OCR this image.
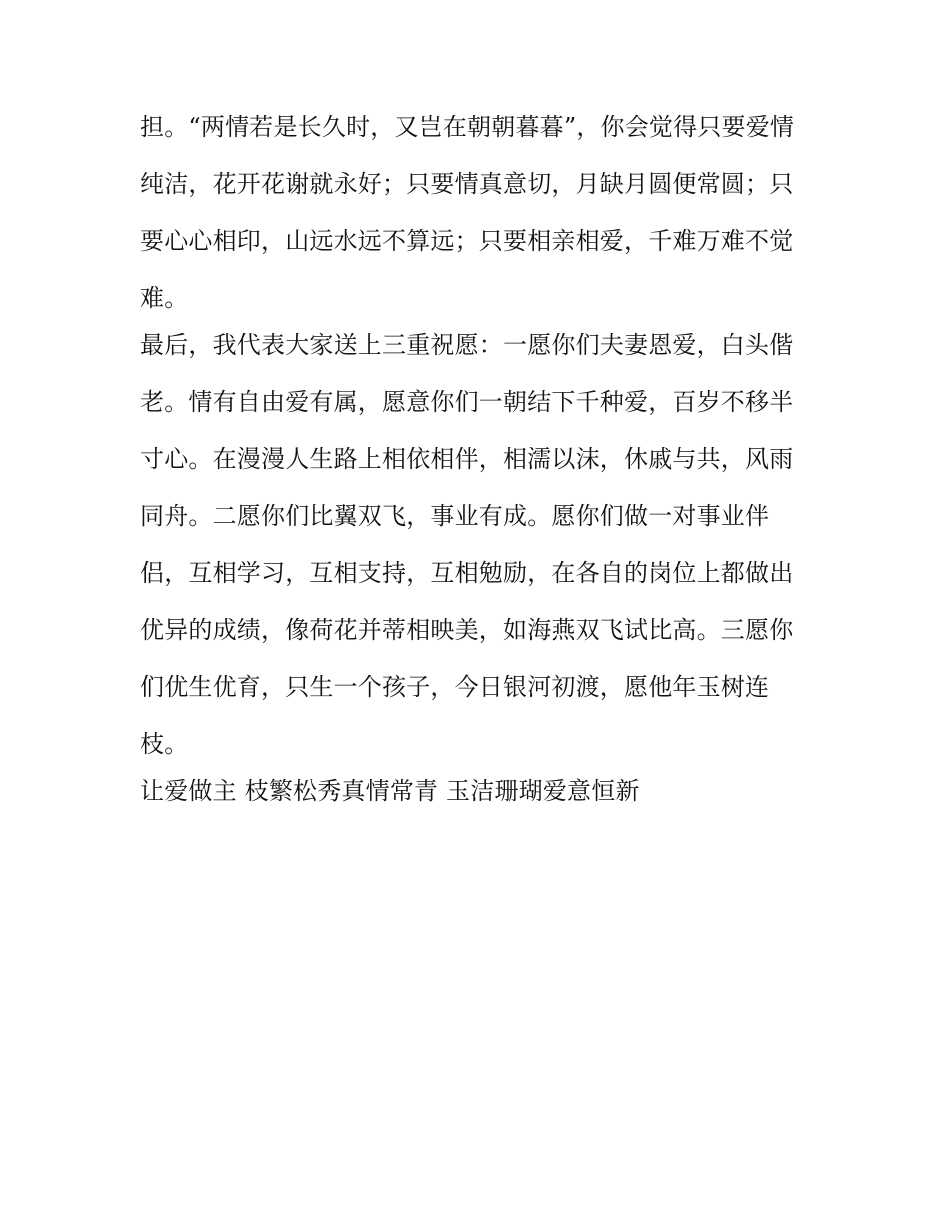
担。“两情若是长久时，又岂在朝朝暮暮”，你会觉得只要爱情
纯洁，花开花谢就永好；只要情真意切，月缺月圆便常圆；只
要心心相印，山远水远不算远；只要相亲相爱，千难万难不觉
难。
最后，我代表大家送上三重祝愿：一愿你们夫妻恩爱，白头偕
老。情有自由爱有属，愿意你们一朝结下千种爱，百岁不移半
寸心。在漫漫人生路上相依相伴，相濡以沫，休戚与共，风雨
同舟。二愿你们比翼双飞，事业有成。愿你们做一对事业伴
侣，互相学习，互相支持，互相勉励，在各自的岗位上都做出
优异的成绩，像荷花并蒂相映美，如海燕双飞试比高。三愿你
们优生优育，只生一个孩子，今日银河初渡，愿他年玉树连
枝。
让爱做主 枝繁松秀真情常青 玉洁珊瑚爱意恒新
